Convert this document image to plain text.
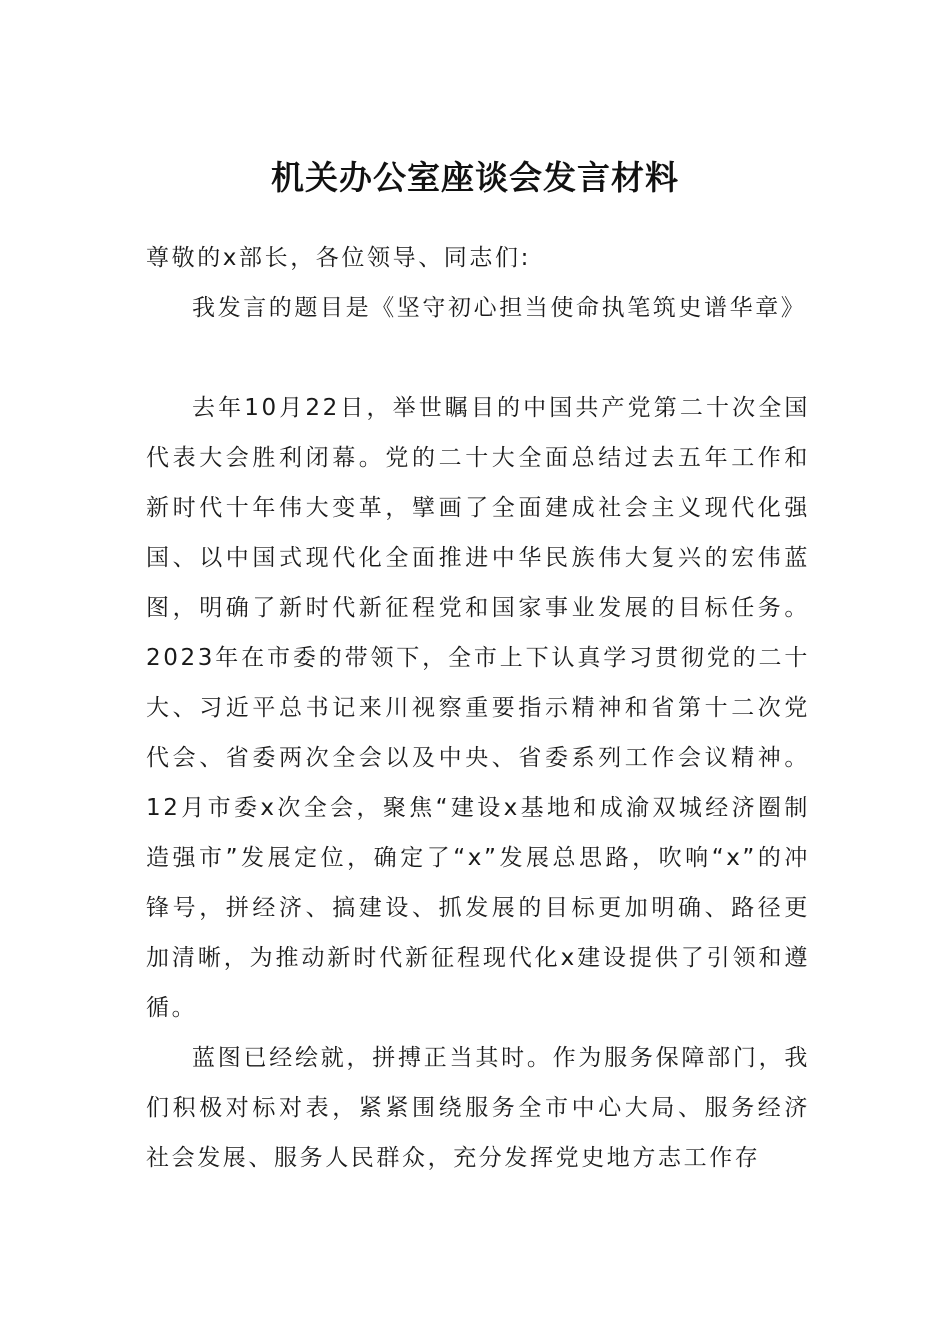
机关办公室座谈会发言材料

尊敬的x部长，各位领导、同志们:

我发言的题目是《坚守初心担当使命执笔筑史谱华章》

去年10月22日，举世瞩目的中国共产党第二十次全国代表大会胜利闭幕。党的二十大全面总结过去五年工作和新时代十年伟大变革，擘画了全面建成社会主义现代化强国、以中国式现代化全面推进中华民族伟大复兴的宏伟蓝图，明确了新时代新征程党和国家事业发展的目标任务。2023年在市委的带领下，全市上下认真学习贯彻党的二十大、习近平总书记来川视察重要指示精神和省第十二次党代会、省委两次全会以及中央、省委系列工作会议精神。12月市委x次全会，聚焦“建设x基地和成渝双城经济圈制造强市”发展定位，确定了“x”发展总思路，吹响“x”的冲锋号，拼经济、搞建设、抓发展的目标更加明确、路径更加清晰，为推动新时代新征程现代化x建设提供了引领和遵循。

蓝图已经绘就，拼搏正当其时。作为服务保障部门，我们积极对标对表，紧紧围绕服务全市中心大局、服务经济社会发展、服务人民群众，充分发挥党史地方志工作存
